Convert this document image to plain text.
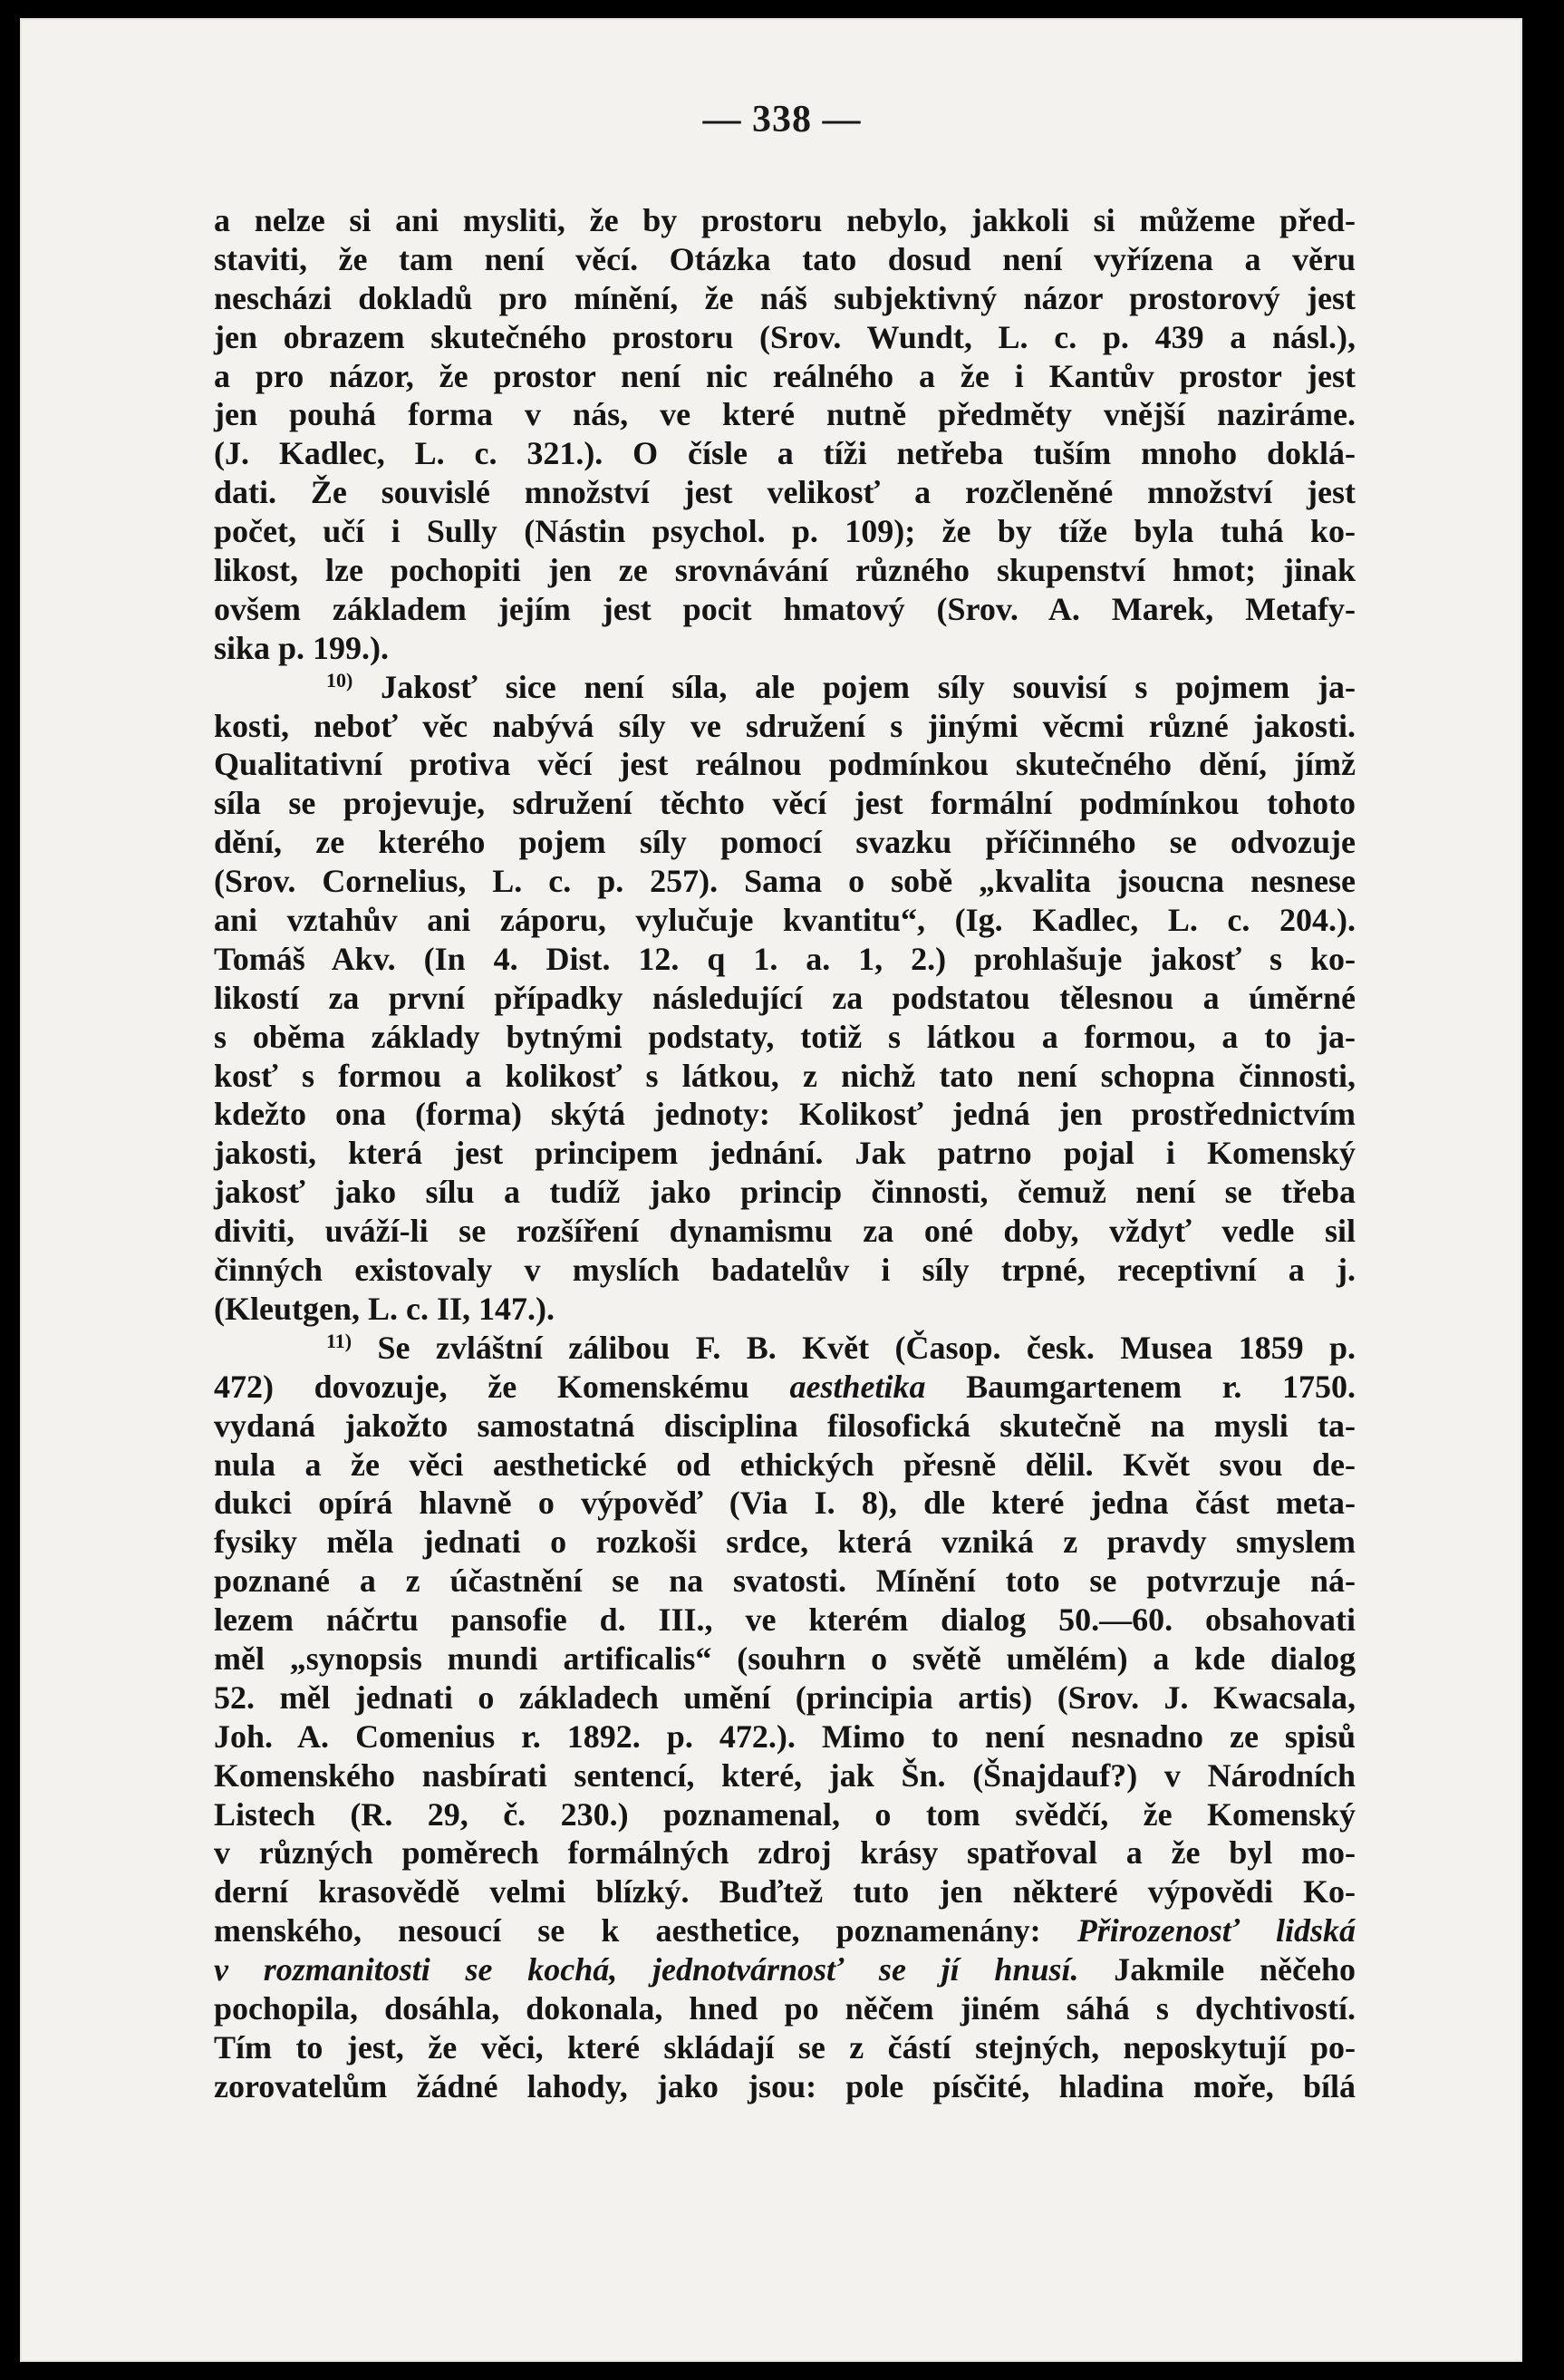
— 338 —
a nelze si ani mysliti, že by prostoru nebylo, jakkoli si můžeme před-
staviti, že tam není věcí. Otázka tato dosud není vyřízena a věru
nescházi dokladů pro mínění, že náš subjektivný názor prostorový jest
jen obrazem skutečného prostoru (Srov. Wundt, L. c. p. 439 a násl.),
a pro názor, že prostor není nic reálného a že i Kantův prostor jest
jen pouhá forma v nás, ve které nutně předměty vnější naziráme.
(J. Kadlec, L. c. 321.). O čísle a tíži netřeba tuším mnoho doklá-
dati. Že souvislé množství jest velikosť a rozčleněné množství jest
počet, učí i Sully (Nástin psychol. p. 109); že by tíže byla tuhá ko-
likost, lze pochopiti jen ze srovnávání různého skupenství hmot; jinak
ovšem základem jejím jest pocit hmatový (Srov. A. Marek, Metafy-
sika p. 199.).
$^{10)}$ Jakosť sice není síla, ale pojem síly souvisí s pojmem ja-
kosti, neboť věc nabývá síly ve sdružení s jinými věcmi různé jakosti.
Qualitativní protiva věcí jest reálnou podmínkou skutečného dění, jímž
síla se projevuje, sdružení těchto věcí jest formální podmínkou tohoto
dění, ze kterého pojem síly pomocí svazku příčinného se odvozuje
(Srov. Cornelius, L. c. p. 257). Sama o sobě „kvalita jsoucna nesnese
ani vztahův ani záporu, vylučuje kvantitu“, (Ig. Kadlec, L. c. 204.).
Tomáš Akv. (In 4. Dist. 12. q 1. a. 1, 2.) prohlašuje jakosť s ko-
likostí za první případky následující za podstatou tělesnou a úměrné
s oběma základy bytnými podstaty, totiž s látkou a formou, a to ja-
kosť s formou a kolikosť s látkou, z nichž tato není schopna činnosti,
kdežto ona (forma) skýtá jednoty: Kolikosť jedná jen prostřednictvím
jakosti, která jest principem jednání. Jak patrno pojal i Komenský
jakosť jako sílu a tudíž jako princip činnosti, čemuž není se třeba
diviti, uváží-li se rozšíření dynamismu za oné doby, vždyť vedle sil
činných existovaly v myslích badatelův i síly trpné, receptivní a j.
(Kleutgen, L. c. II, 147.).
$^{11)}$ Se zvláštní zálibou F. B. Květ (Časop. česk. Musea 1859 p.
472) dovozuje, že Komenskému aesthetika Baumgartenem r. 1750.
vydaná jakožto samostatná disciplina filosofická skutečně na mysli ta-
nula a že věci aesthetické od ethických přesně dělil. Květ svou de-
dukci opírá hlavně o výpověď (Via I. 8), dle které jedna část meta-
fysiky měla jednati o rozkoši srdce, která vzniká z pravdy smyslem
poznané a z účastnění se na svatosti. Mínění toto se potvrzuje ná-
lezem náčrtu pansofie d. III., ve kterém dialog 50.—60. obsahovati
měl „synopsis mundi artificalis“ (souhrn o světě umělém) a kde dialog
52. měl jednati o základech umění (principia artis) (Srov. J. Kwacsala,
Joh. A. Comenius r. 1892. p. 472.). Mimo to není nesnadno ze spisů
Komenského nasbírati sentencí, které, jak Šn. (Šnajdauf?) v Národních
Listech (R. 29, č. 230.) poznamenal, o tom svědčí, že Komenský
v různých poměrech formálných zdroj krásy spatřoval a že byl mo-
derní krasovědě velmi blízký. Buďtež tuto jen některé výpovědi Ko-
menského, nesoucí se k aesthetice, poznamenány: Přirozenosť lidská
v rozmanitosti se kochá, jednotvárnosť se jí hnusí. Jakmile něčeho
pochopila, dosáhla, dokonala, hned po něčem jiném sáhá s dychtivostí.
Tím to jest, že věci, které skládají se z částí stejných, neposkytují po-
zorovatelům žádné lahody, jako jsou: pole písčité, hladina moře, bílá
